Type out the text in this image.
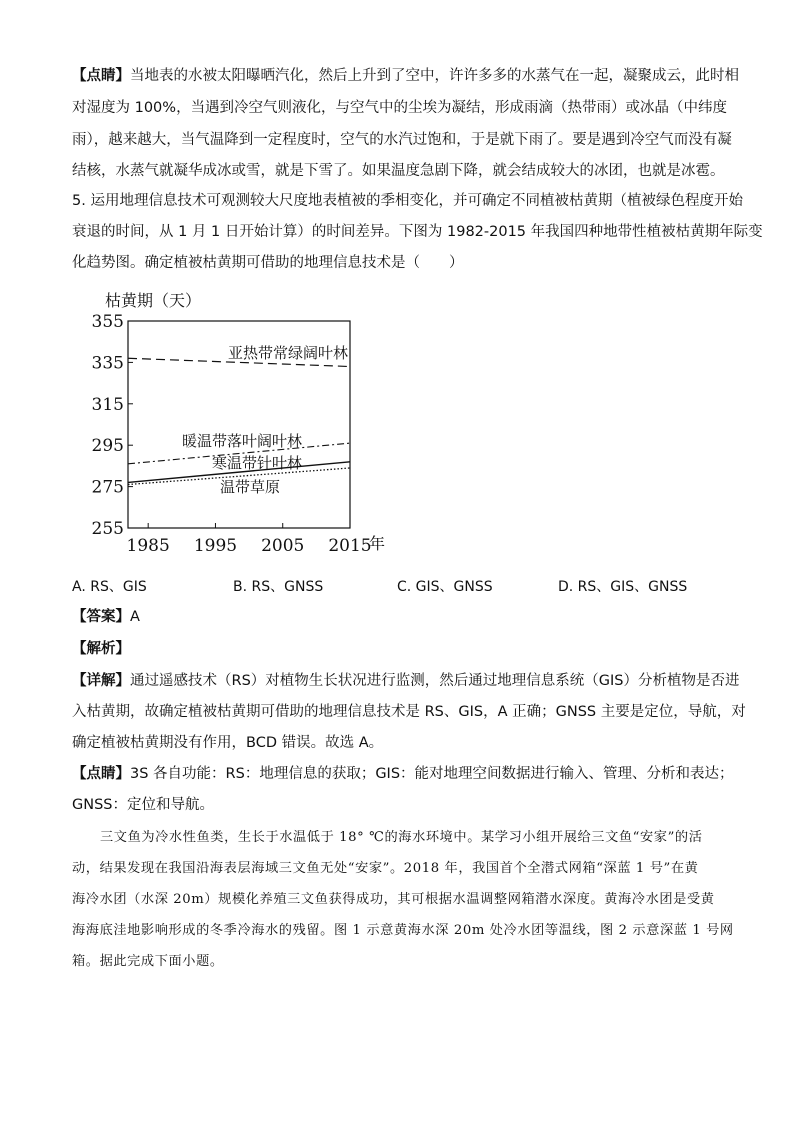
【点睛】当地表的水被太阳曝晒汽化，然后上升到了空中，许许多多的水蒸气在一起，凝聚成云，此时相
对湿度为 100%，当遇到冷空气则液化，与空气中的尘埃为凝结，形成雨滴（热带雨）或冰晶（中纬度
雨），越来越大，当气温降到一定程度时，空气的水汽过饱和，于是就下雨了。要是遇到冷空气而没有凝
结核，水蒸气就凝华成冰或雪，就是下雪了。如果温度急剧下降，就会结成较大的冰团，也就是冰雹。
5. 运用地理信息技术可观测较大尺度地表植被的季相变化，并可确定不同植被枯黄期（植被绿色程度开始
衰退的时间，从 1 月 1 日开始计算）的时间差异。下图为 1982-2015 年我国四种地带性植被枯黄期年际变
化趋势图。确定植被枯黄期可借助的地理信息技术是（　　）
枯黄期（天）
355
335
315
295
275
255
1985 1995 2005 2015
年
亚热带常绿阔叶林
暖温带落叶阔叶林
寒温带针叶林
温带草原
A. RS、GIS	B. RS、GNSS	C. GIS、GNSS	D. RS、GIS、GNSS
【答案】A
【解析】
【详解】通过遥感技术（RS）对植物生长状况进行监测，然后通过地理信息系统（GIS）分析植物是否进
入枯黄期，故确定植被枯黄期可借助的地理信息技术是 RS、GIS，A 正确；GNSS 主要是定位，导航，对
确定植被枯黄期没有作用，BCD 错误。故选 A。
【点睛】3S 各自功能：RS：地理信息的获取；GIS：能对地理空间数据进行输入、管理、分析和表达；
GNSS：定位和导航。
三文鱼为冷水性鱼类，生长于水温低于 18° ℃的海水环境中。某学习小组开展给三文鱼“安家”的活
动，结果发现在我国沿海表层海域三文鱼无处“安家”。2018 年，我国首个全潜式网箱“深蓝 1 号”在黄
海冷水团（水深 20m）规模化养殖三文鱼获得成功，其可根据水温调整网箱潜水深度。黄海冷水团是受黄
海海底洼地影响形成的冬季冷海水的残留。图 1 示意黄海水深 20m 处冷水团等温线，图 2 示意深蓝 1 号网
箱。据此完成下面小题。
